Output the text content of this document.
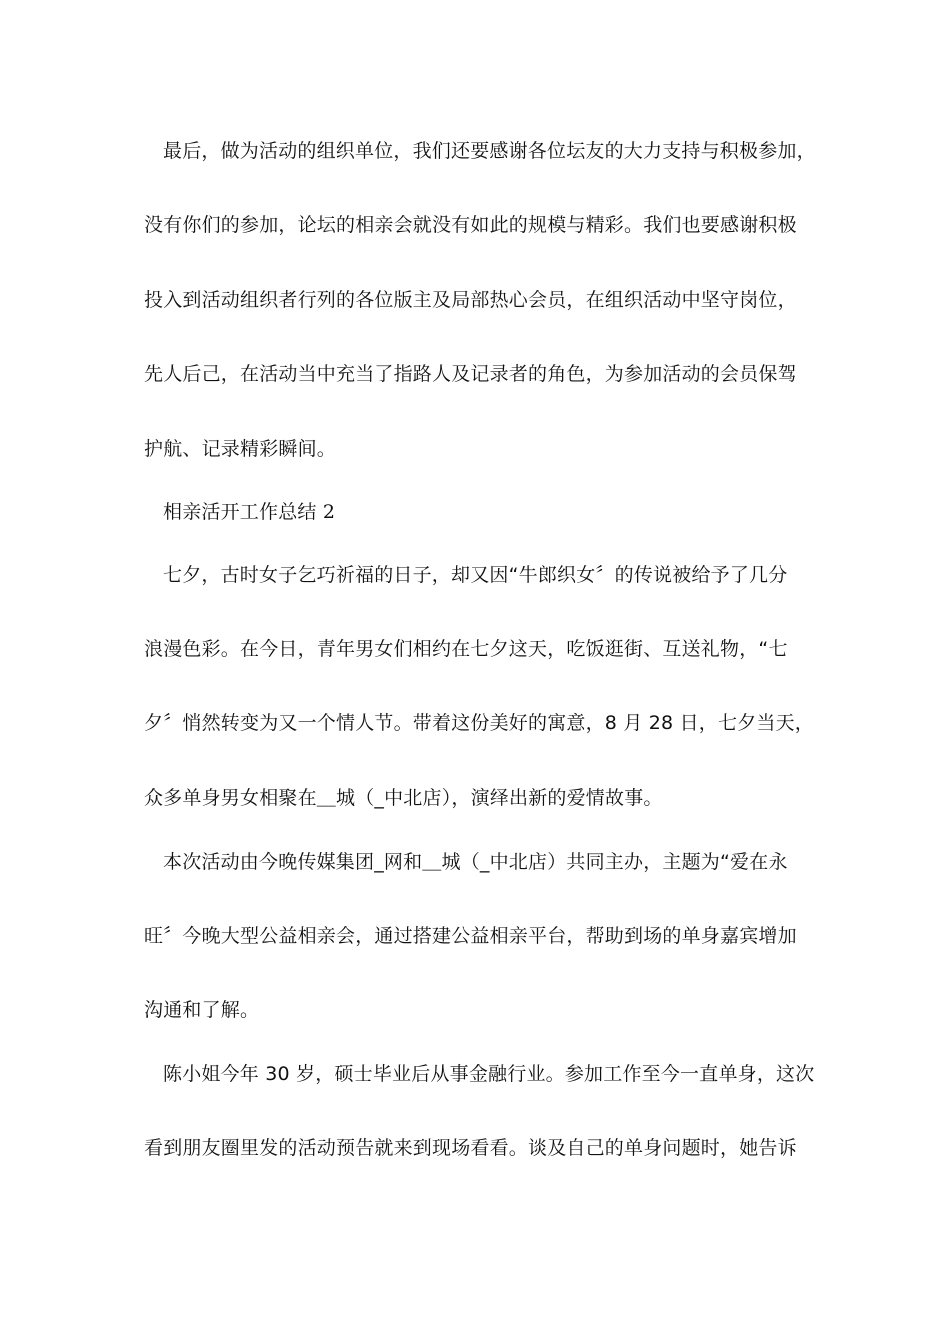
最后，做为活动的组织单位，我们还要感谢各位坛友的大力支持与积极参加，
没有你们的参加，论坛的相亲会就没有如此的规模与精彩。我们也要感谢积极
投入到活动组织者行列的各位版主及局部热心会员，在组织活动中坚守岗位，
先人后己，在活动当中充当了指路人及记录者的角色，为参加活动的会员保驾
护航、记录精彩瞬间。
相亲活开工作总结 2
七夕，古时女子乞巧祈福的日子，却又因“牛郎织女〞的传说被给予了几分
浪漫色彩。在今日，青年男女们相约在七夕这天，吃饭逛街、互送礼物，“七
夕〞悄然转变为又一个情人节。带着这份美好的寓意，8 月 28 日，七夕当天，
众多单身男女相聚在＿城（_中北店），演绎出新的爱情故事。
本次活动由今晚传媒集团_网和＿城（_中北店）共同主办，主题为“爱在永
旺〞今晚大型公益相亲会，通过搭建公益相亲平台，帮助到场的单身嘉宾增加
沟通和了解。
陈小姐今年 30 岁，硕士毕业后从事金融行业。参加工作至今一直单身，这次
看到朋友圈里发的活动预告就来到现场看看。谈及自己的单身问题时，她告诉
